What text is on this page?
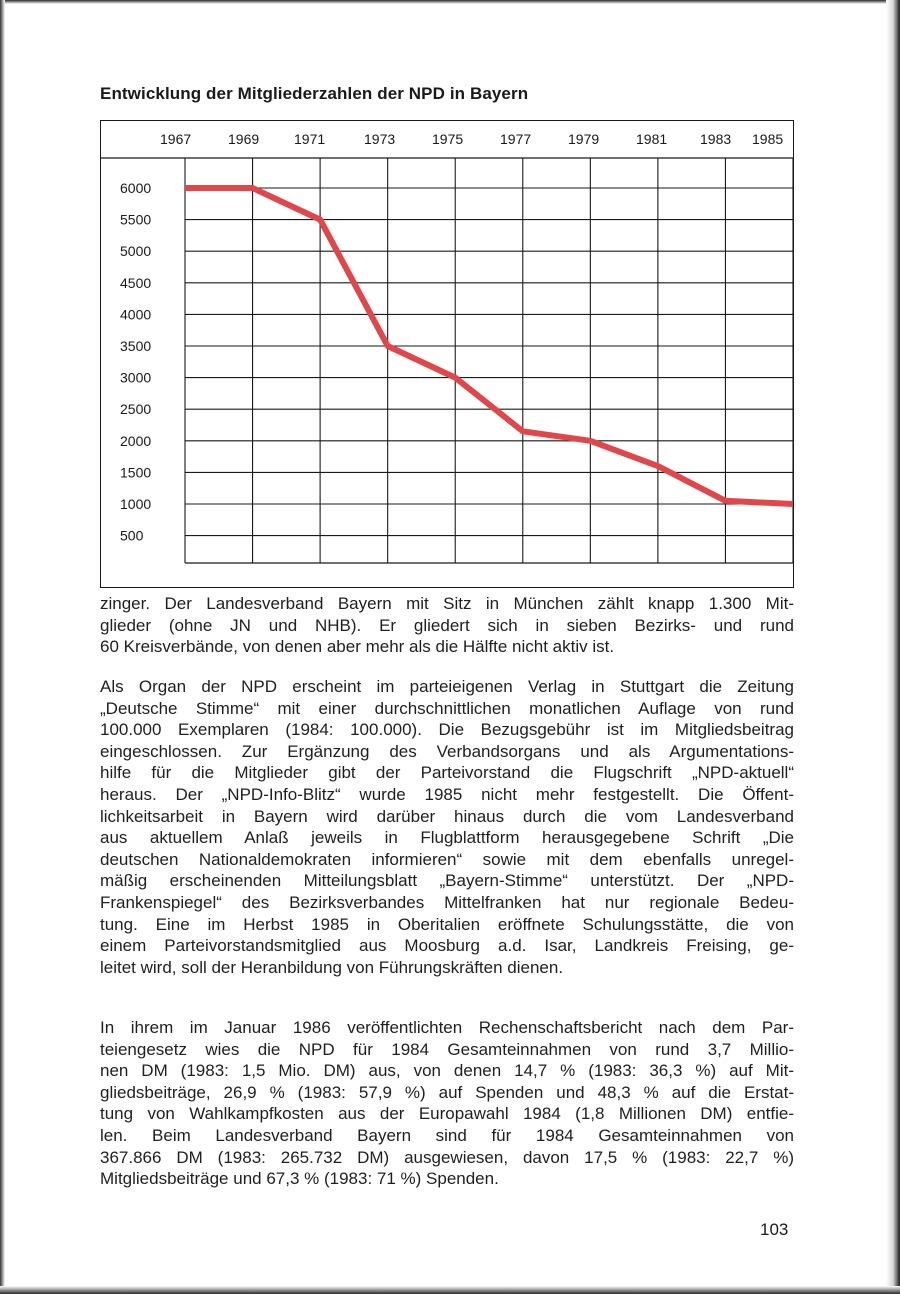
Entwicklung der Mitgliederzahlen der NPD in Bayern
6000
5500
5000
4500
4000
3500
3000
2500
2000
1500
1000
500
1967	1969 1971	1973	1975	1977	1979	1981 1983 1985
zinger. Der Landesverband Bayern mit Sitz in München zählt knapp 1.300 Mit-
glieder (ohne JN und NHB). Er gliedert sich in sieben Bezirks- und rund
60 Kreisverbände, von denen aber mehr als die Hälfte nicht aktiv ist.
Als Organ der NPD erscheint im parteieigenen Verlag in Stuttgart die Zeitung
„Deutsche Stimme“ mit einer durchschnittlichen monatlichen Auflage von rund
100.000 Exemplaren (1984: 100.000). Die Bezugsgebühr ist im Mitgliedsbeitrag
eingeschlossen. Zur Ergänzung des Verbandsorgans und als Argumentations-
hilfe für die Mitglieder gibt der Parteivorstand die Flugschrift „NPD-aktuell“
heraus. Der „NPD-Info-Blitz“ wurde 1985 nicht mehr festgestellt. Die Öffent-
lichkeitsarbeit in Bayern wird darüber hinaus durch die vom Landesverband
aus aktuellem Anlaß jeweils in Flugblattform herausgegebene Schrift „Die
deutschen Nationaldemokraten informieren“ sowie mit dem ebenfalls unregel-
mäßig erscheinenden Mitteilungsblatt „Bayern-Stimme“ unterstützt. Der „NPD-
Frankenspiegel“ des Bezirksverbandes Mittelfranken hat nur regionale Bedeu-
tung. Eine im Herbst 1985 in Oberitalien eröffnete Schulungsstätte, die von
einem Parteivorstandsmitglied aus Moosburg a.d. Isar, Landkreis Freising, ge-
leitet wird, soll der Heranbildung von Führungskräften dienen.
In ihrem im Januar 1986 veröffentlichten Rechenschaftsbericht nach dem Par-
teiengesetz wies die NPD für 1984 Gesamteinnahmen von rund 3,7 Millio-
nen DM (1983: 1,5 Mio. DM) aus, von denen 14,7 % (1983: 36,3 %) auf Mit-
gliedsbeiträge, 26,9 % (1983: 57,9 %) auf Spenden und 48,3 % auf die Erstat-
tung von Wahlkampfkosten aus der Europawahl 1984 (1,8 Millionen DM) entfie-
len. Beim Landesverband Bayern sind für 1984 Gesamteinnahmen von
367.866 DM (1983: 265.732 DM) ausgewiesen, davon 17,5 % (1983: 22,7 %)
Mitgliedsbeiträge und 67,3 % (1983: 71 %) Spenden.
103
